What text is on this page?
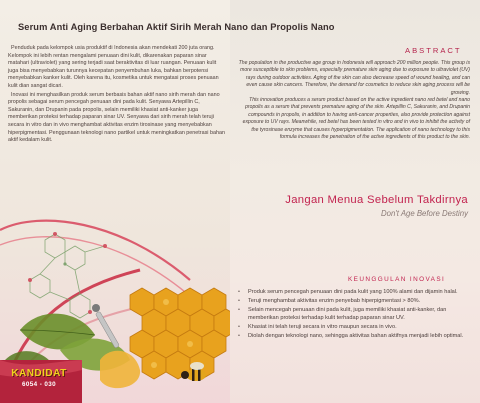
Serum Anti Aging Berbahan Aktif Sirih Merah Nano dan Propolis Nano

Penduduk pada kelompok usia produktif di Indonesia akan mendekati 200 juta orang. Kelompok ini lebih rentan mengalami penuaan dini kulit, dikarenakan paparan sinar matahari (ultraviolet) yang sering terjadi saat beraktivitas di luar ruangan. Penuaan kulit juga bisa menyebabkan turunnya kecepatan penyembuhan luka, bahkan berpotensi menyebabkan kanker kulit. Oleh karena itu, kosmetika untuk mengatasi proses penuaan kulit dian sangat dicari.

Inovasi ini menghasilkan produk serum berbasis bahan aktif nano sirih merah dan nano propolis sebagai serum pencegah penuaan dini pada kulit. Senyawa Artepillin C, Sakuranin, dan Drupanin pada propolis, selain memiliki khasiat anti-kanker juga memberikan proteksi terhadap paparan sinar UV. Senyawa dari sirih merah telah teruji secara in vitro dan in vivo menghambat aktivitas enzim tirosinase yang menyebabkan hiperpigmentasi. Penggunaan teknologi nano partikel untuk meningkatkan penetrasi bahan aktif kedalam kulit.

ABSTRACT

The population in the productive age group in Indonesia will approach 200 million people. This group is more susceptible to skin problems, especially premature skin aging due to exposure to ultraviolet (UV) rays during outdoor activities. Aging of the skin can also decrease speed of wound healing, and can even cause skin cancers. Therefore, the demand for cosmetics to reduce skin aging process will be growing.

This innovation produces a serum product based on the active ingredient nano red betel and nano propolis as a serum that prevents premature aging of the skin. Artepillin C, Sakuranin, and Drupanin compounds in propolis, in addition to having anti-cancer properties, also provide protection against exposure to UV rays. Meanwhile, red betel has been tested in vitro and in vivo to inhibit the activity of the tyrosinase enzyme that causes hyperpigmentation. The application of nano technology to this formula increases the penetration of the active ingredients of this product to the skin.

Jangan Menua Sebelum Takdirnya
Don't Age Before Destiny
KEUNGGULAN INOVASI
• Produk serum pencegah penuaan dini pada kulit yang 100% alami dan dijamin halal.
• Teruji menghambat aktivitas enzim penyebab hiperpigmentasi > 80%.
• Selain mencegah penuaan dini pada kulit, juga memiliki khasiat anti-kanker, dan memberikan proteksi terhadap kulit terhadap paparan sinar UV.
• Khasiat ini telah teruji secara in vitro maupun secara in vivo.
• Diolah dengan teknologi nano, sehingga aktivitas bahan aktifnya menjadi lebih optimal.
KANDIDAT
6054 - 030
